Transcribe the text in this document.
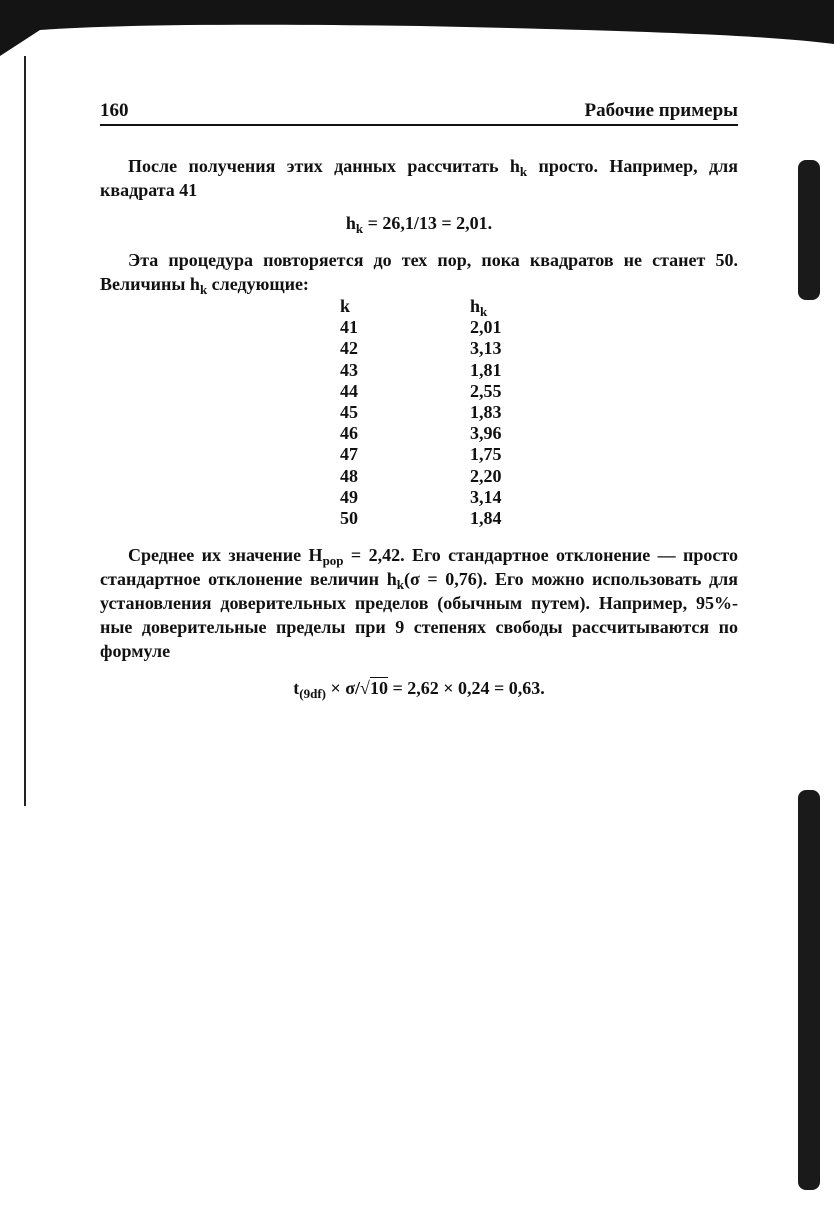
160	Рабочие примеры

После получения этих данных рассчитать $h_k$ просто. Например, для квадрата 41

$h_k = 26,1/13 = 2,01$.

Эта процедура повторяется до тех пор, пока квадратов не станет 50. Величины $h_k$ следующие:

k	$h_k$
41	2,01
42	3,13
43	1,81
44	2,55
45	1,83
46	3,96
47	1,75
48	2,20
49	3,14
50	1,84

Среднее их значение $H_{pop} = 2,42$. Его стандартное отклонение — просто стандартное отклонение величин $h_k(\sigma = 0,76)$. Его можно использовать для установления доверительных пределов (обычным путем). Например, 95%-ные доверительные пределы при 9 степенях свободы рассчитываются по формуле

$t_{(9df)} \times \sigma/√10 = 2,62 \times 0,24 = 0,63$.
